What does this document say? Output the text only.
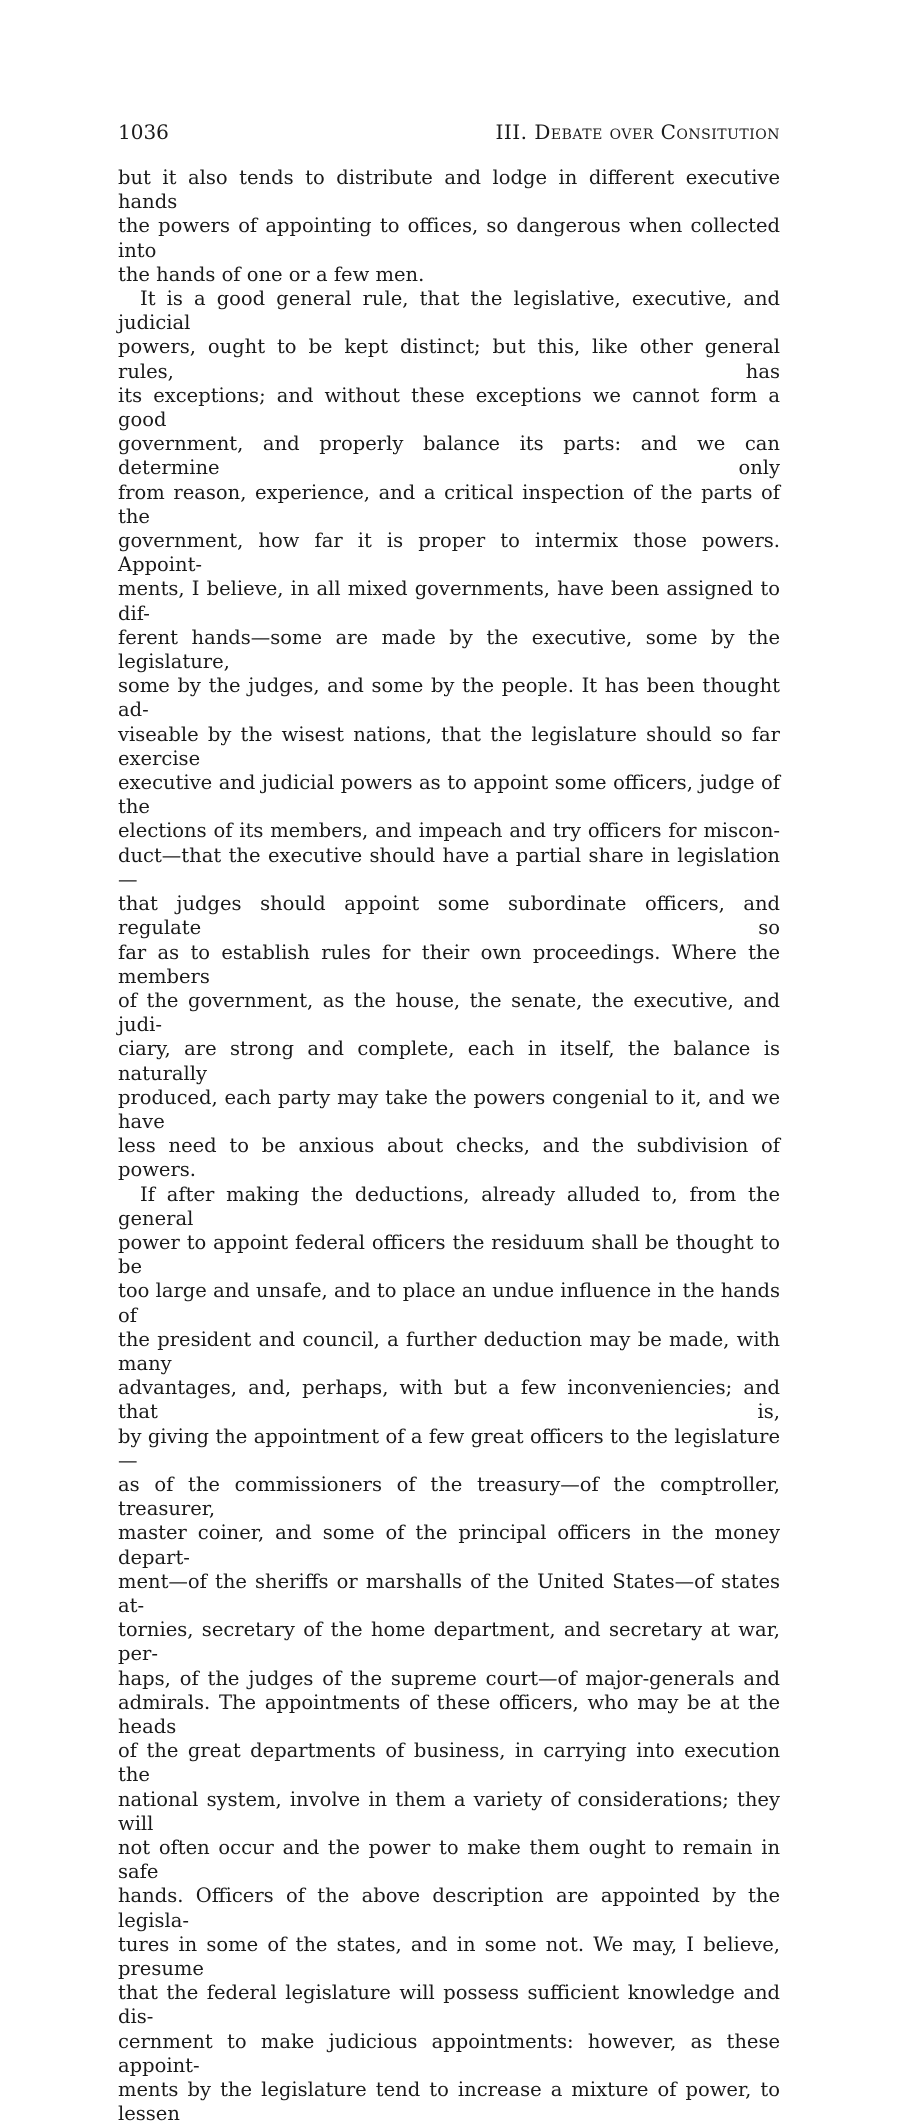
1036	III. Debate over Consitution

but it also tends to distribute and lodge in different executive hands

the powers of appointing to offices, so dangerous when collected into

the hands of one or a few men.

It is a good general rule, that the legislative, executive, and judicial

powers, ought to be kept distinct; but this, like other general rules, has

its exceptions; and without these exceptions we cannot form a good

government, and properly balance its parts: and we can determine only

from reason, experience, and a critical inspection of the parts of the

government, how far it is proper to intermix those powers. Appoint-

ments, I believe, in all mixed governments, have been assigned to dif-

ferent hands—some are made by the executive, some by the legislature,

some by the judges, and some by the people. It has been thought ad-

viseable by the wisest nations, that the legislature should so far exercise

executive and judicial powers as to appoint some officers, judge of the

elections of its members, and impeach and try officers for miscon-

duct—that the executive should have a partial share in legislation—

that judges should appoint some subordinate officers, and regulate so

far as to establish rules for their own proceedings. Where the members

of the government, as the house, the senate, the executive, and judi-

ciary, are strong and complete, each in itself, the balance is naturally

produced, each party may take the powers congenial to it, and we have

less need to be anxious about checks, and the subdivision of powers.

If after making the deductions, already alluded to, from the general

power to appoint federal officers the residuum shall be thought to be

too large and unsafe, and to place an undue influence in the hands of

the president and council, a further deduction may be made, with many

advantages, and, perhaps, with but a few inconveniencies; and that is,

by giving the appointment of a few great officers to the legislature—

as of the commissioners of the treasury—of the comptroller, treasurer,

master coiner, and some of the principal officers in the money depart-

ment—of the sheriffs or marshalls of the United States—of states at-

tornies, secretary of the home department, and secretary at war, per-

haps, of the judges of the supreme court—of major-generals and

admirals. The appointments of these officers, who may be at the heads

of the great departments of business, in carrying into execution the

national system, involve in them a variety of considerations; they will

not often occur and the power to make them ought to remain in safe

hands. Officers of the above description are appointed by the legisla-

tures in some of the states, and in some not. We may, I believe, presume

that the federal legislature will possess sufficient knowledge and dis-

cernment to make judicious appointments: however, as these appoint-

ments by the legislature tend to increase a mixture of power, to lessen
